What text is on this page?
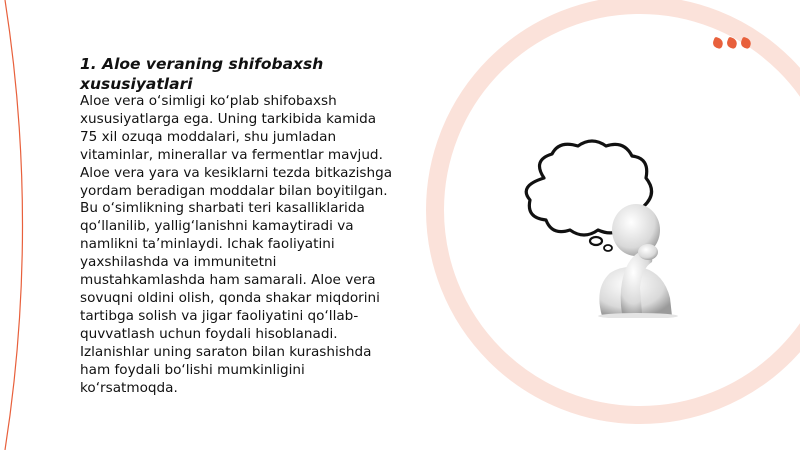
1. Aloe veraning shifobaxsh xususiyatlari

Aloe vera o‘simligi ko‘plab shifobaxsh
xususiyatlarga ega. Uning tarkibida kamida
75 xil ozuqa moddalari, shu jumladan
vitaminlar, minerallar va fermentlar mavjud.
Aloe vera yara va kesiklarni tezda bitkazishga
yordam beradigan moddalar bilan boyitilgan.
Bu o‘simlikning sharbati teri kasalliklarida
qo‘llanilib, yallig‘lanishni kamaytiradi va
namlikni ta’minlaydi. Ichak faoliyatini
yaxshilashda va immunitetni
mustahkamlashda ham samarali. Aloe vera
sovuqni oldini olish, qonda shakar miqdorini
tartibga solish va jigar faoliyatini qo‘llab-
quvvatlash uchun foydali hisoblanadi.
Izlanishlar uning saraton bilan kurashishda
ham foydali bo‘lishi mumkinligini
ko‘rsatmoqda.
